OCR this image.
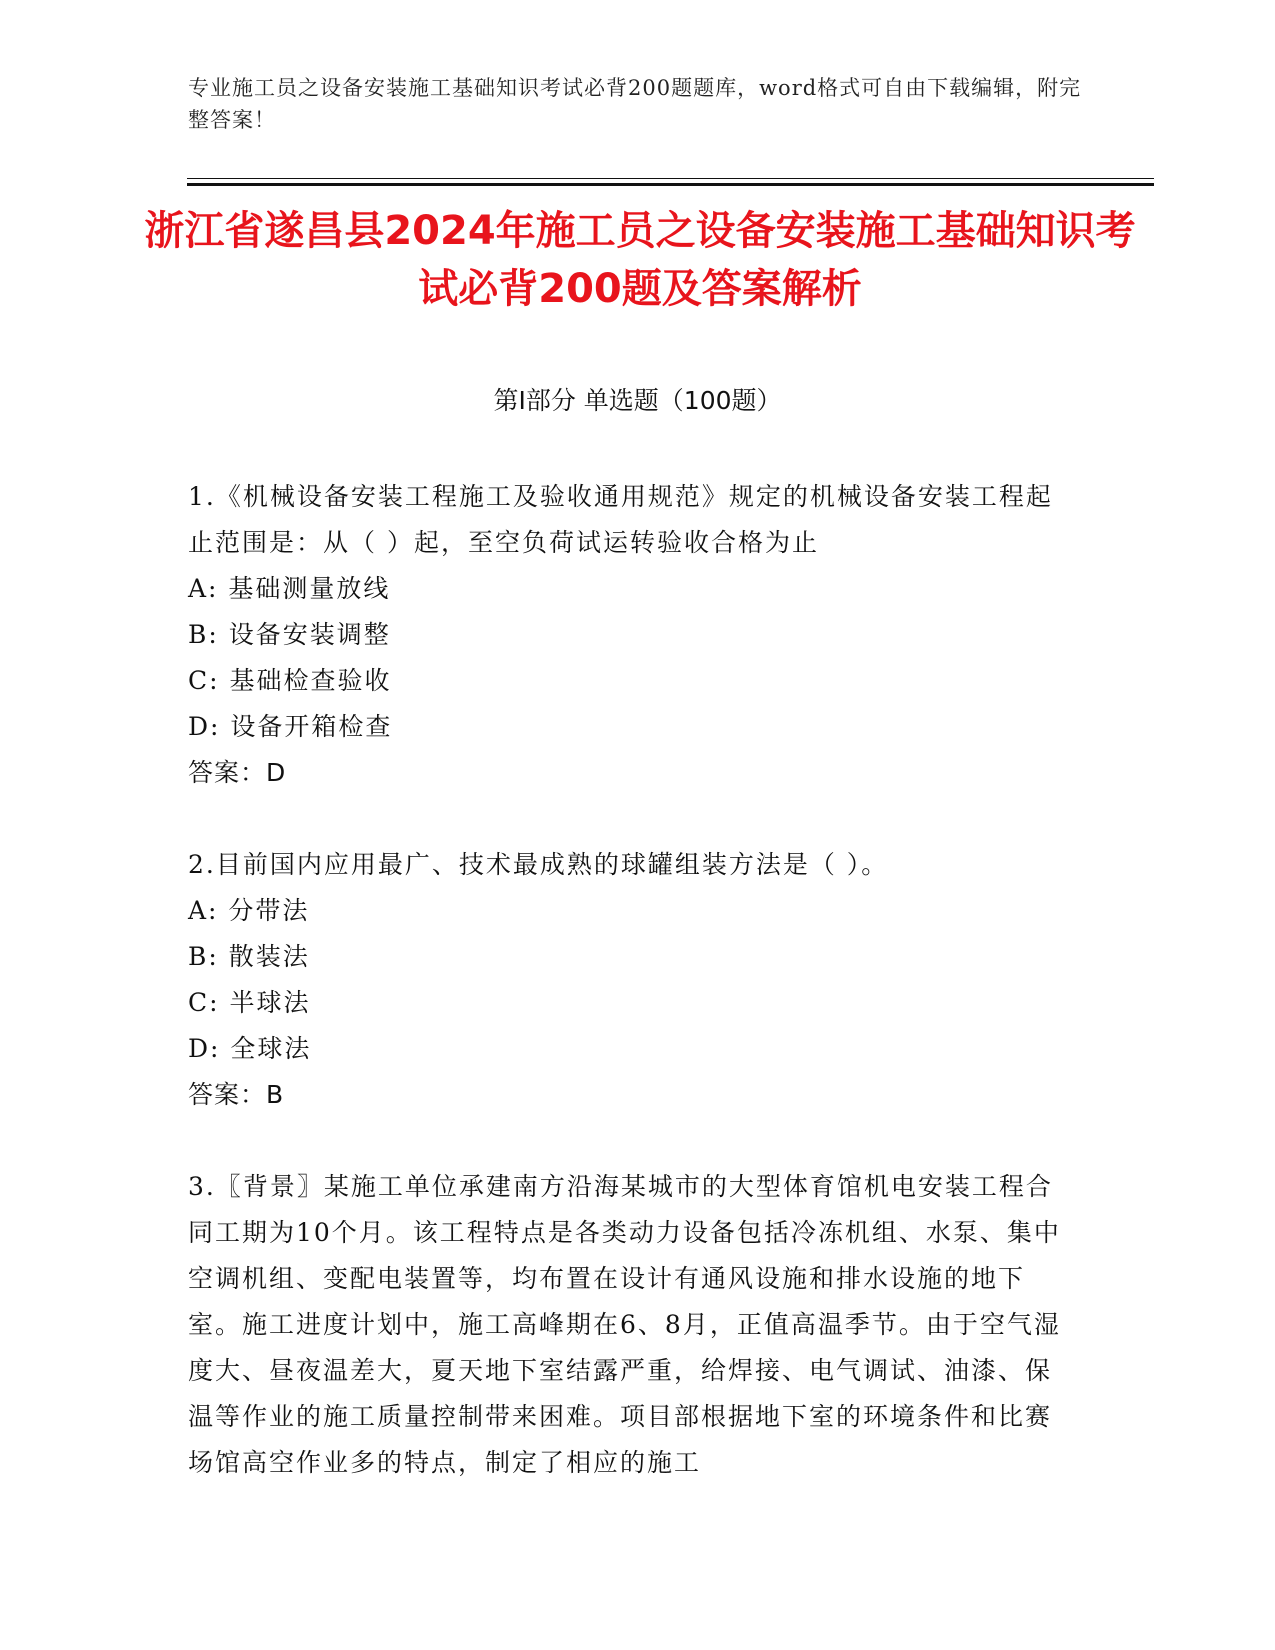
专业施工员之设备安装施工基础知识考试必背200题题库，word格式可自由下载编辑，附完整答案！
浙江省遂昌县2024年施工员之设备安装施工基础知识考试必背200题及答案解析
第I部分 单选题（100题）

1.《机械设备安装工程施工及验收通用规范》规定的机械设备安装工程起止范围是：从（ ）起，至空负荷试运转验收合格为止

A: 基础测量放线

B: 设备安装调整

C: 基础检查验收

D: 设备开箱检查

答案：D

2.目前国内应用最广、技术最成熟的球罐组装方法是（ ）。

A: 分带法

B: 散装法

C: 半球法

D: 全球法

答案：B

3.〖背景〗某施工单位承建南方沿海某城市的大型体育馆机电安装工程合同工期为10个月。该工程特点是各类动力设备包括冷冻机组、水泵、集中空调机组、变配电装置等，均布置在设计有通风设施和排水设施的地下室。施工进度计划中，施工高峰期在6、8月，正值高温季节。由于空气湿度大、昼夜温差大，夏天地下室结露严重，给焊接、电气调试、油漆、保温等作业的施工质量控制带来困难。项目部根据地下室的环境条件和比赛场馆高空作业多的特点，制定了相应的施工
